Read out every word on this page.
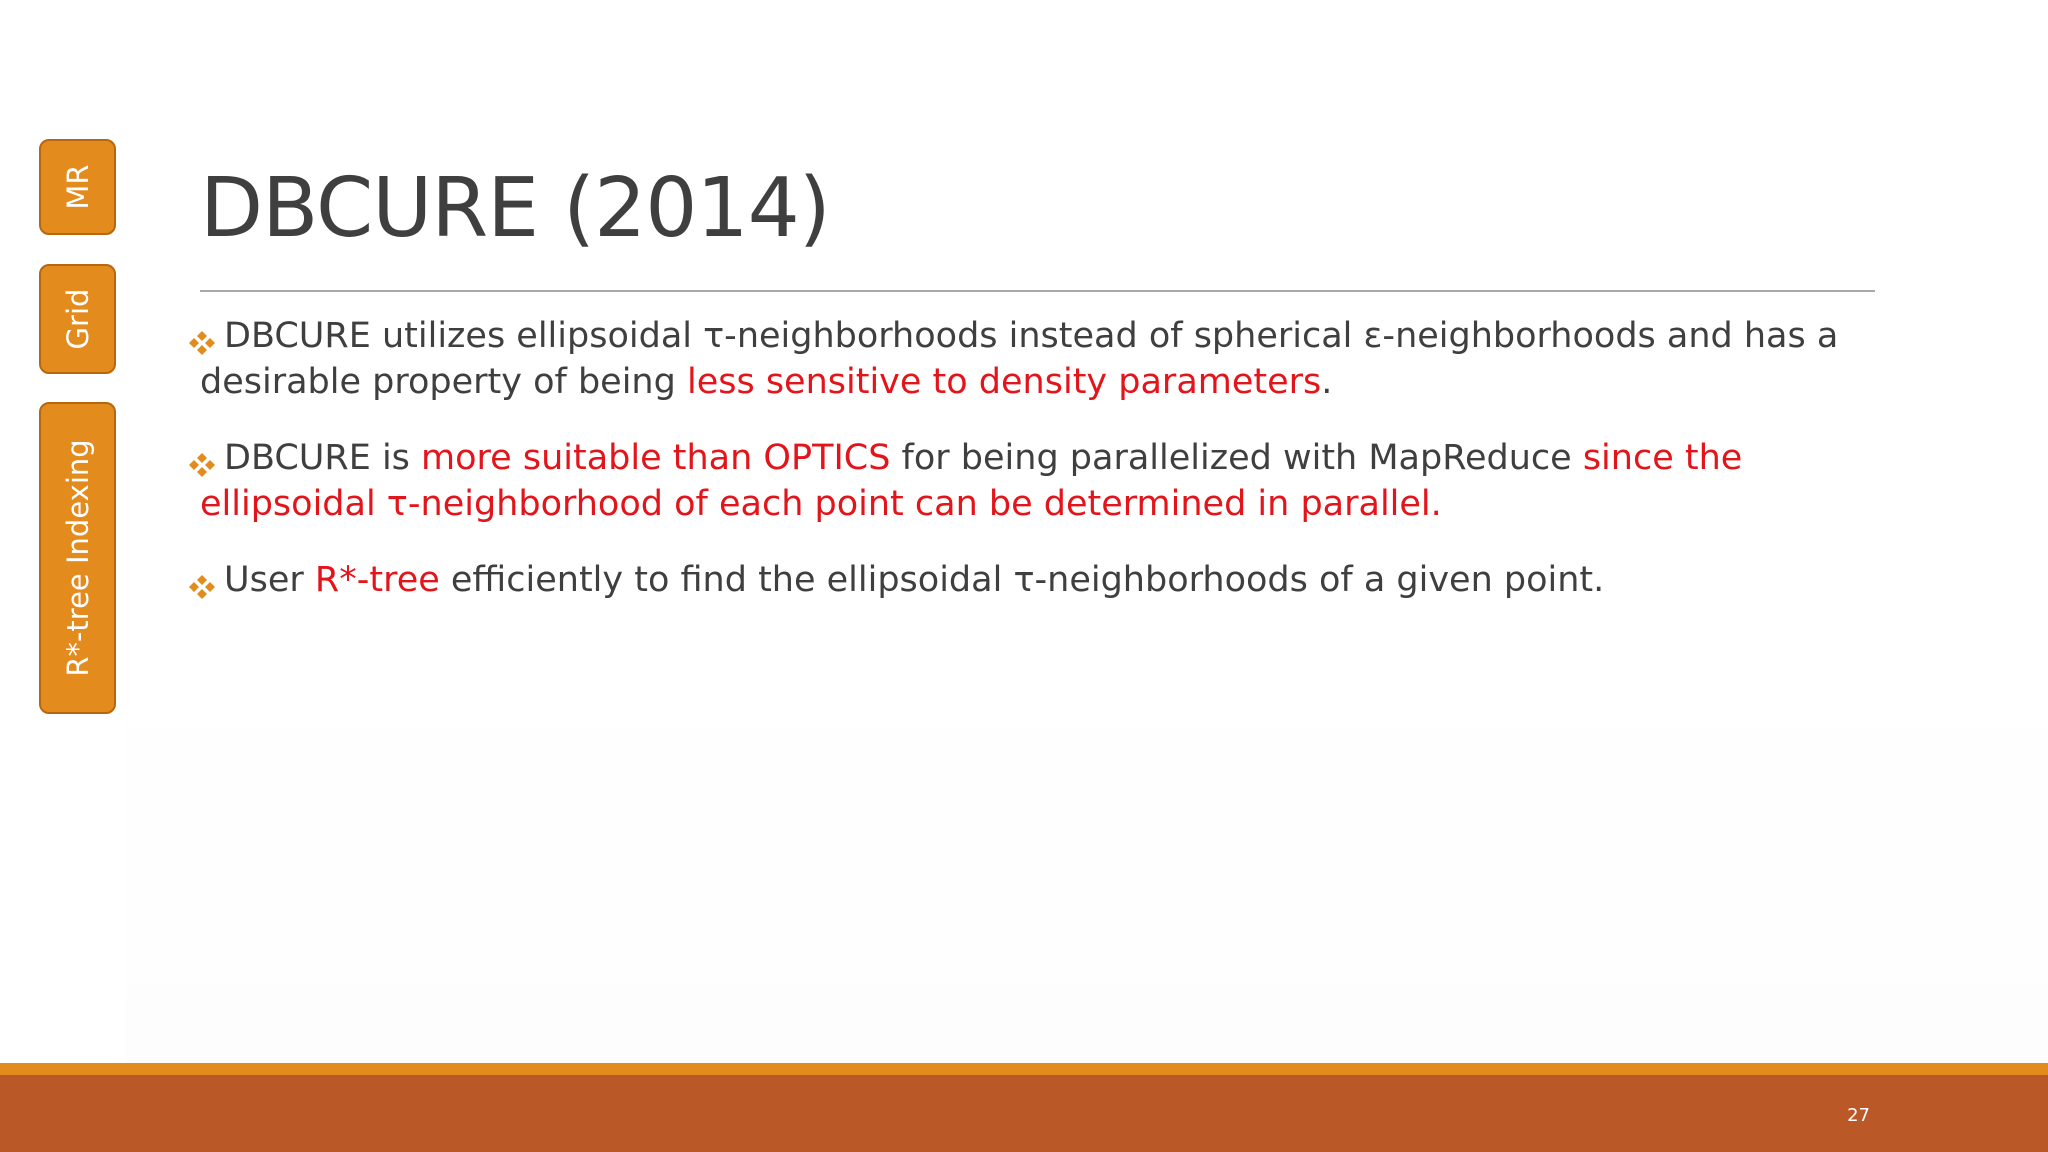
MR
Grid
R*-tree Indexing
DBCURE (2014)
DBCURE utilizes ellipsoidal τ-neighborhoods instead of spherical ε-neighborhoods and has a desirable property of being less sensitive to density parameters.
DBCURE is more suitable than OPTICS for being parallelized with MapReduce since the ellipsoidal τ-neighborhood of each point can be determined in parallel.
User R*-tree efficiently to find the ellipsoidal τ-neighborhoods of a given point.
27
